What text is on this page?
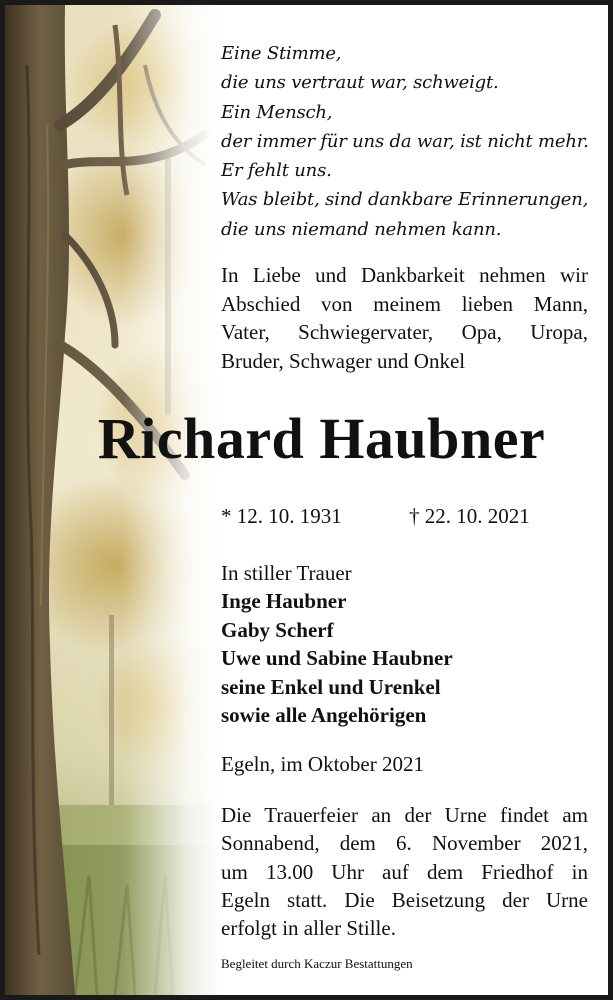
Eine Stimme,
die uns vertraut war, schweigt.
Ein Mensch,
der immer für uns da war, ist nicht mehr.
Er fehlt uns.
Was bleibt, sind dankbare Erinnerungen,
die uns niemand nehmen kann.
In Liebe und Dankbarkeit nehmen wir
Abschied von meinem lieben Mann,
Vater, Schwiegervater, Opa, Uropa,
Bruder, Schwager und Onkel
Richard Haubner
* 12. 10. 1931	† 22. 10. 2021
In stiller Trauer
Inge Haubner
Gaby Scherf
Uwe und Sabine Haubner
seine Enkel und Urenkel
sowie alle Angehörigen
Egeln, im Oktober 2021
Die Trauerfeier an der Urne findet am
Sonnabend, dem 6. November 2021,
um 13.00 Uhr auf dem Friedhof in
Egeln statt. Die Beisetzung der Urne
erfolgt in aller Stille.
Begleitet durch Kaczur Bestattungen
